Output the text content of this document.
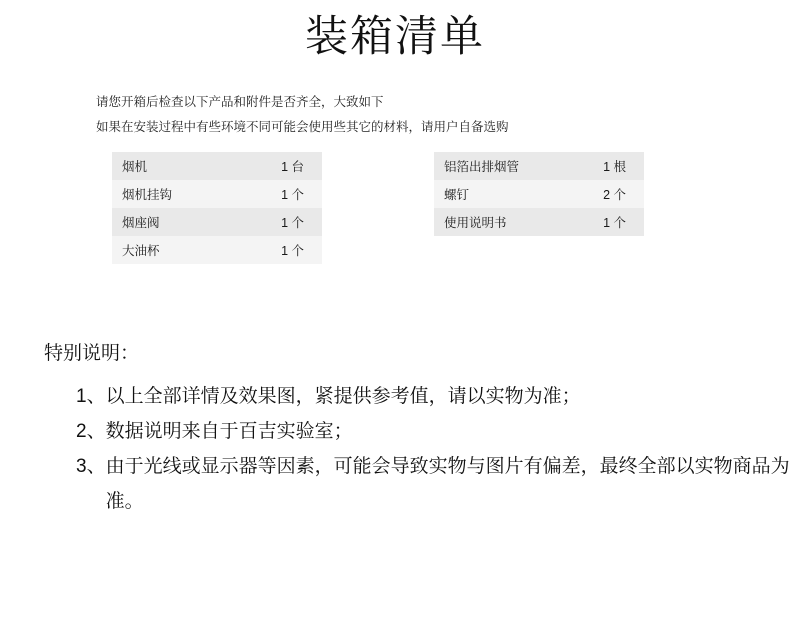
装箱清单
请您开箱后检查以下产品和附件是否齐全，大致如下
如果在安装过程中有些环境不同可能会使用些其它的材料，请用户自备选购
烟机	1 台
烟机挂钩	1 个
烟座阀	1 个
大油杯	1 个
铝箔出排烟管	1 根
螺钉	2 个
使用说明书	1 个
特别说明：
1、 以上全部详情及效果图，紧提供参考值，请以实物为准；
2、 数据说明来自于百吉实验室；
3、 由于光线或显示器等因素，可能会导致实物与图片有偏差，最终全部以实物商品为准。
